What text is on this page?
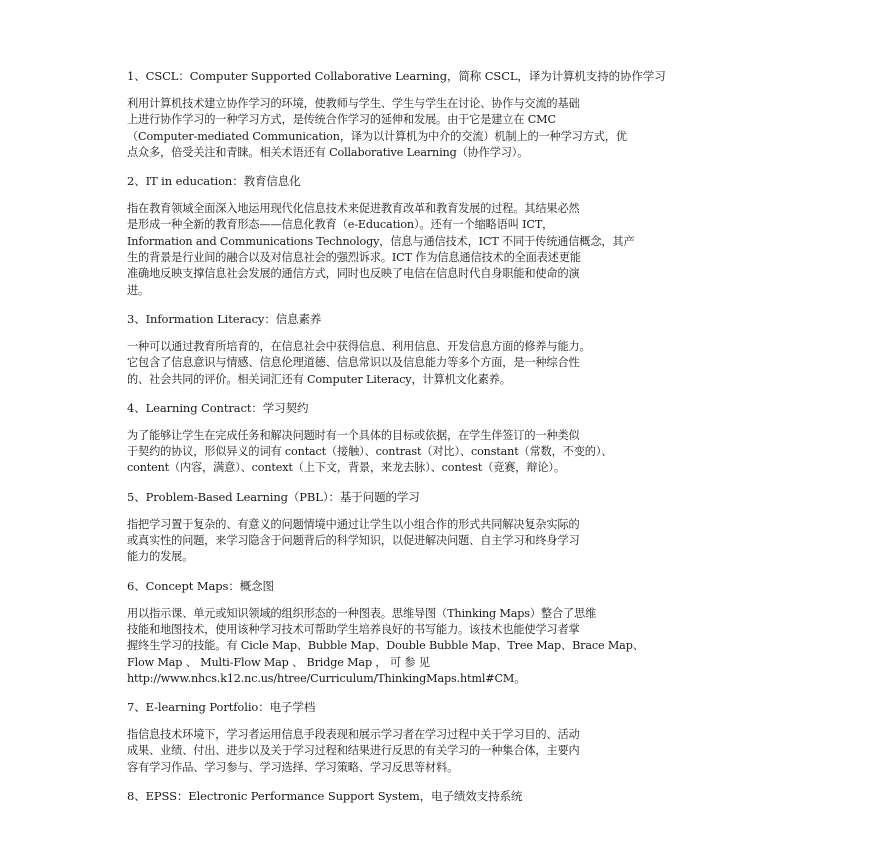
1、CSCL：Computer Supported Collaborative Learning，简称 CSCL，译为计算机支持的协作学习
利用计算机技术建立协作学习的环境，使教师与学生、学生与学生在讨论、协作与交流的基础
上进行协作学习的一种学习方式，是传统合作学习的延伸和发展。由于它是建立在 CMC
（Computer-mediated Communication，译为以计算机为中介的交流）机制上的一种学习方式，优
点众多，倍受关注和青睐。相关术语还有 Collaborative Learning（协作学习）。
2、IT in education：教育信息化
指在教育领域全面深入地运用现代化信息技术来促进教育改革和教育发展的过程。其结果必然
是形成一种全新的教育形态——信息化教育（e-Education）。还有一个缩略语叫 ICT，
Information and Communications Technology，信息与通信技术，ICT 不同于传统通信概念，其产
生的背景是行业间的融合以及对信息社会的强烈诉求。ICT 作为信息通信技术的全面表述更能
准确地反映支撑信息社会发展的通信方式，同时也反映了电信在信息时代自身职能和使命的演
进。
3、Information Literacy：信息素养
一种可以通过教育所培育的，在信息社会中获得信息、利用信息、开发信息方面的修养与能力。
它包含了信息意识与情感、信息伦理道德、信息常识以及信息能力等多个方面，是一种综合性
的、社会共同的评价。相关词汇还有 Computer Literacy，计算机文化素养。
4、Learning Contract：学习契约
为了能够让学生在完成任务和解决问题时有一个具体的目标或依据，在学生伴签订的一种类似
于契约的协议，形似异义的词有 contact（接触）、contrast（对比）、constant（常数，不变的）、
content（内容，满意）、context（上下文，背景，来龙去脉）、contest（竞赛，辩论）。
5、Problem-Based Learning（PBL）：基于问题的学习
指把学习置于复杂的、有意义的问题情境中通过让学生以小组合作的形式共同解决复杂实际的
或真实性的问题，来学习隐含于问题背后的科学知识，以促进解决问题、自主学习和终身学习
能力的发展。
6、Concept Maps：概念图
用以指示课、单元或知识领域的组织形态的一种图表。思维导图（Thinking Maps）整合了思维
技能和地图技术，使用该种学习技术可帮助学生培养良好的书写能力。该技术也能使学习者掌
握终生学习的技能。有 Cicle Map、Bubble Map、Double Bubble Map、Tree Map、Brace Map、
Flow Map 、 Multi-Flow Map 、 Bridge Map ， 可 参 见
http://www.nhcs.k12.nc.us/htree/Curriculum/ThinkingMaps.html#CM。
7、E-learning Portfolio：电子学档
指信息技术环境下，学习者运用信息手段表现和展示学习者在学习过程中关于学习目的、活动
成果、业绩、付出、进步以及关于学习过程和结果进行反思的有关学习的一种集合体，主要内
容有学习作品、学习参与、学习选择、学习策略、学习反思等材料。
8、EPSS：Electronic Performance Support System，电子绩效支持系统
